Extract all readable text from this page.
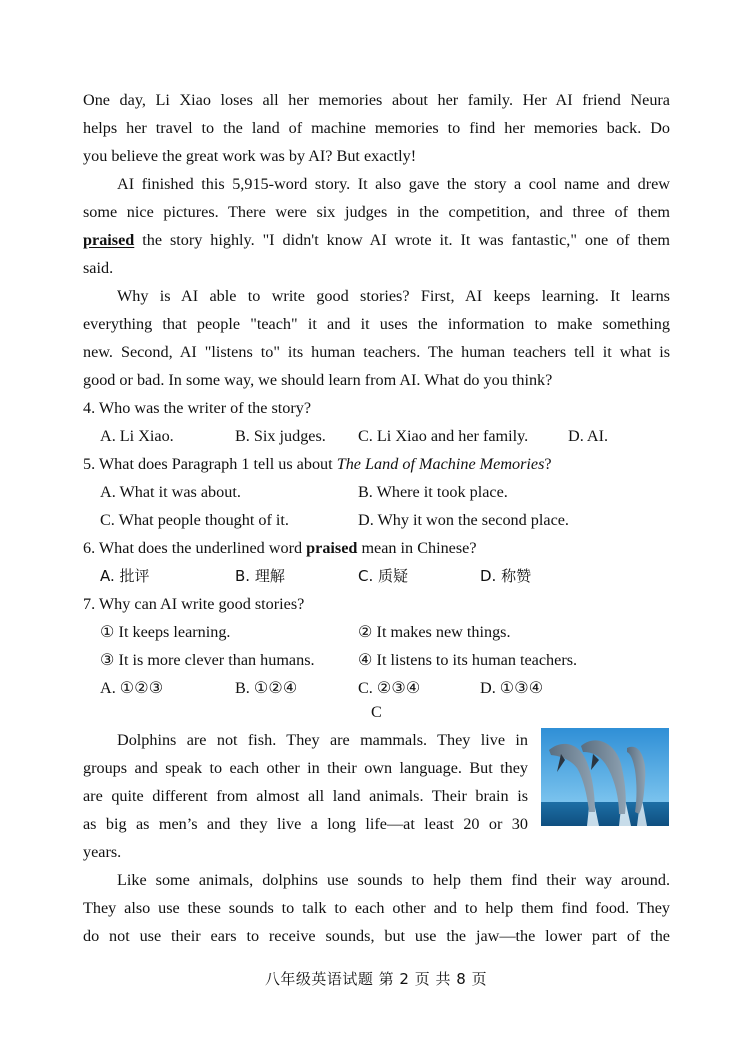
One day, Li Xiao loses all her memories about her family. Her AI friend Neura
helps her travel to the land of machine memories to find her memories back. Do
you believe the great work was by AI? But exactly!
AI finished this 5,915-word story. It also gave the story a cool name and drew
some nice pictures. There were six judges in the competition, and three of them
praised the story highly. "I didn't know AI wrote it. It was fantastic," one of them
said.
Why is AI able to write good stories? First, AI keeps learning. It learns
everything that people "teach" it and it uses the information to make something
new. Second, AI "listens to" its human teachers. The human teachers tell it what is
good or bad. In some way, we should learn from AI. What do you think?
4. Who was the writer of the story?
A. Li Xiao.	B. Six judges. C. Li Xiao and her family. D. AI.
5. What does Paragraph 1 tell us about The Land of Machine Memories?
A. What it was about.	B. Where it took place.
C. What people thought of it.	D. Why it won the second place.
6. What does the underlined word praised mean in Chinese?
A. 批评	B. 理解	C. 质疑	D. 称赞
7. Why can AI write good stories?
① It keeps learning.	② It makes new things.
③ It is more clever than humans.	④ It listens to its human teachers.
A. ①②③	B. ①②④	C. ②③④	D. ①③④
C
Dolphins are not fish. They are mammals. They live in
groups and speak to each other in their own language. But they
are quite different from almost all land animals. Their brain is
as big as men’s and they live a long life—at least 20 or 30
years.
Like some animals, dolphins use sounds to help them find their way around.
They also use these sounds to talk to each other and to help them find food. They
do not use their ears to receive sounds, but use the jaw—the lower part of the
八年级英语试题 第 2 页 共 8 页
